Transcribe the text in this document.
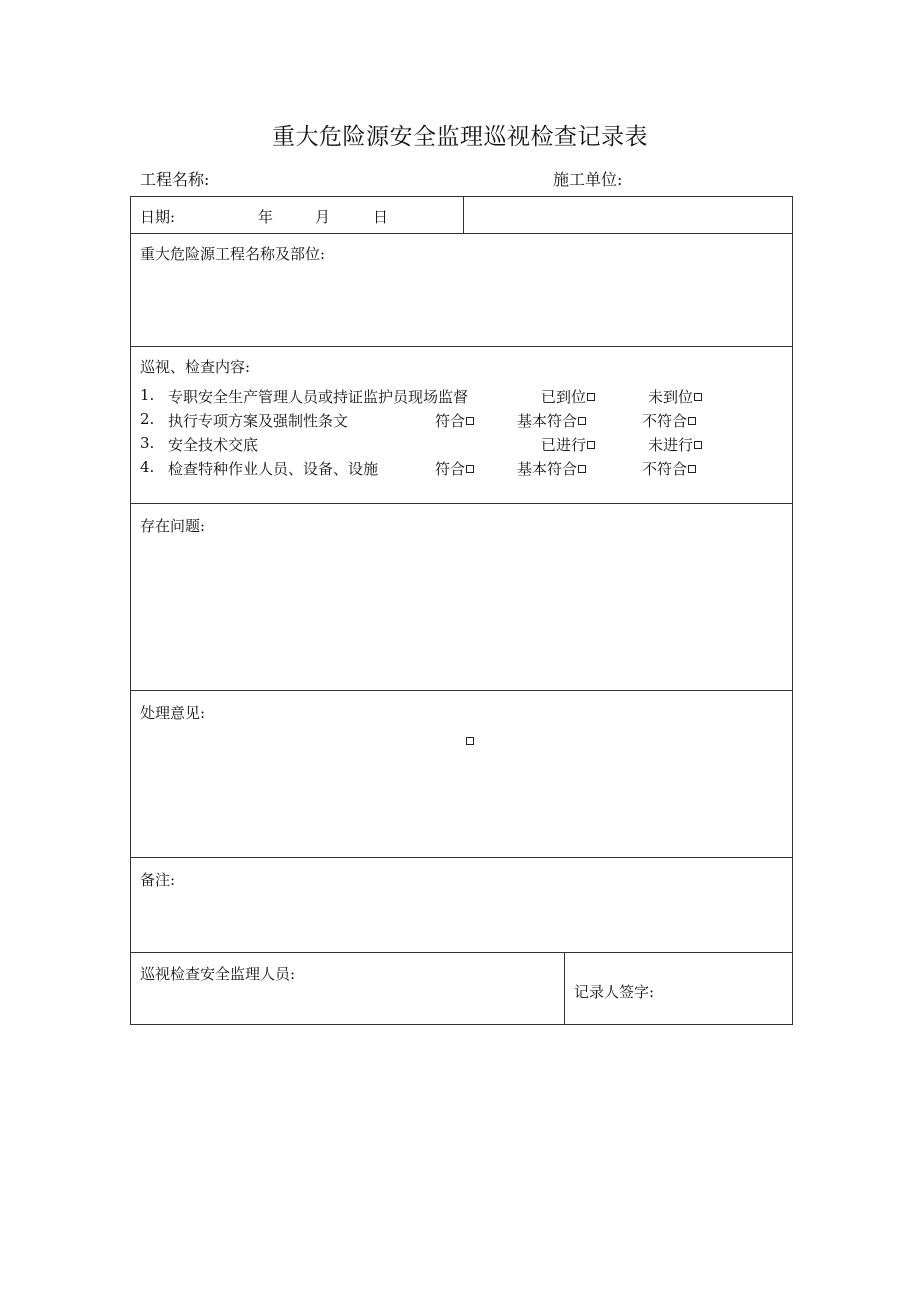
重大危险源安全监理巡视检查记录表
工程名称:	施工单位:
日期:	年	月	日
重大危险源工程名称及部位:
巡视、检查内容:
1. 专职安全生产管理人员或持证监护员现场监督	已到位	未到位
2. 执行专项方案及强制性条文	符合	基本符合	不符合
3. 安全技术交底	已进行	未进行
4. 检查特种作业人员、设备、设施	符合	基本符合	不符合
存在问题:
处理意见:
备注:
巡视检查安全监理人员:
记录人签字:
